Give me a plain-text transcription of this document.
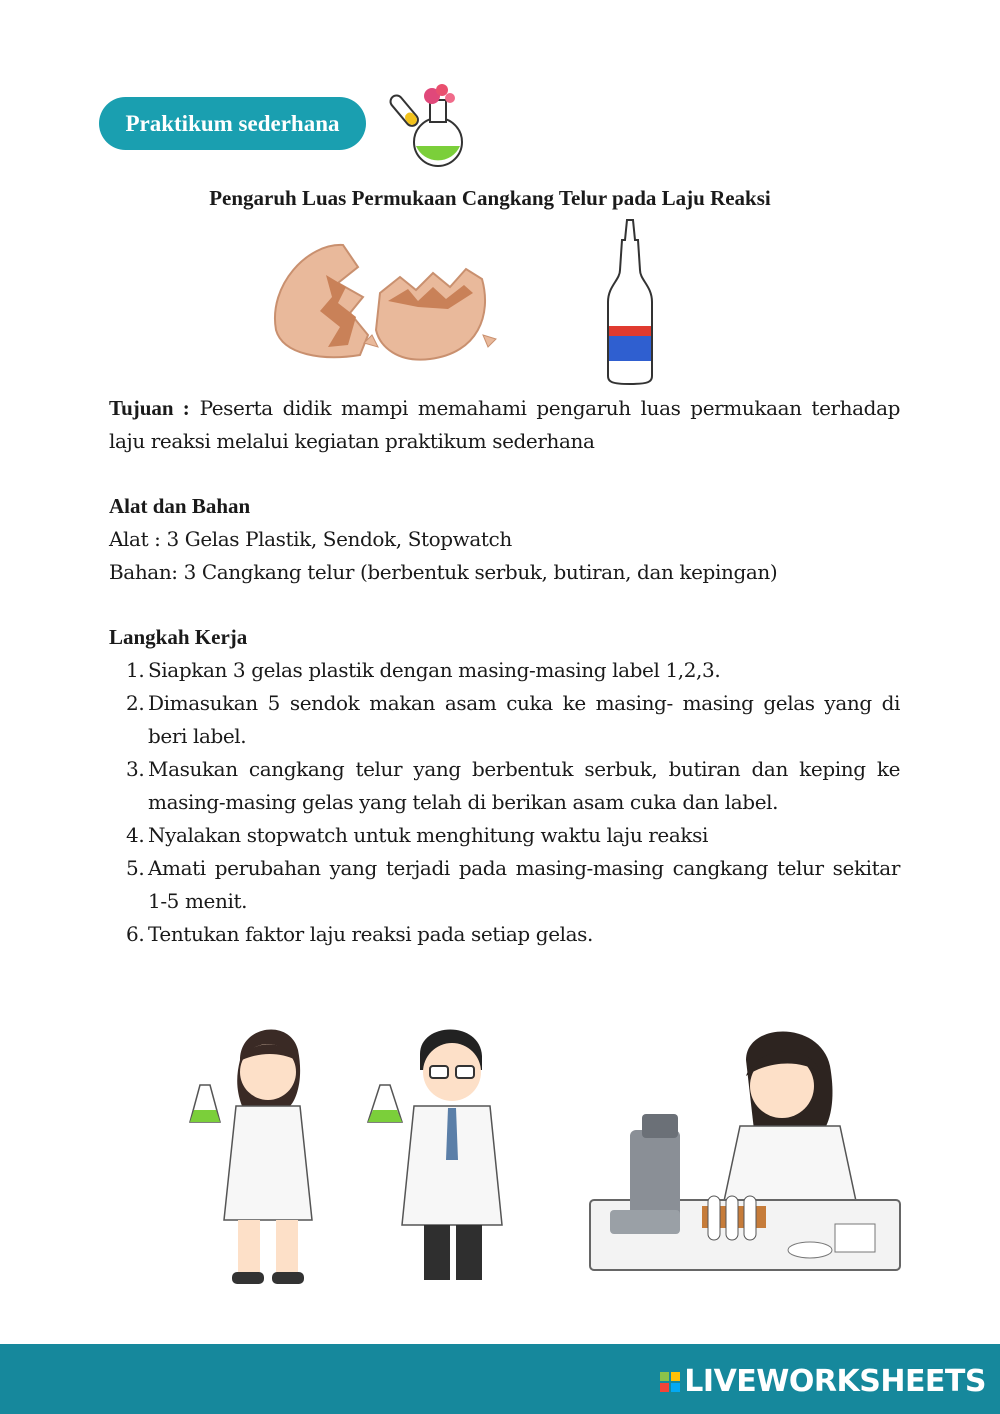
Praktikum sederhana
Pengaruh Luas Permukaan Cangkang Telur pada Laju Reaksi
Tujuan : Peserta didik mampi memahami pengaruh luas permukaan terhadap laju reaksi melalui kegiatan praktikum sederhana
Alat dan Bahan
Alat : 3 Gelas Plastik, Sendok, Stopwatch
Bahan: 3 Cangkang telur (berbentuk serbuk, butiran, dan kepingan)
Langkah Kerja
1. Siapkan 3 gelas plastik dengan masing-masing label 1,2,3.
2. Dimasukan 5 sendok makan asam cuka ke masing- masing gelas yang di beri label.
3. Masukan cangkang telur yang berbentuk serbuk, butiran dan keping ke masing-masing gelas yang telah di berikan asam cuka dan label.
4. Nyalakan stopwatch untuk menghitung waktu laju reaksi
5. Amati perubahan yang terjadi pada masing-masing cangkang telur sekitar 1-5 menit.
6. Tentukan faktor laju reaksi pada setiap gelas.
LIVEWORKSHEETS
